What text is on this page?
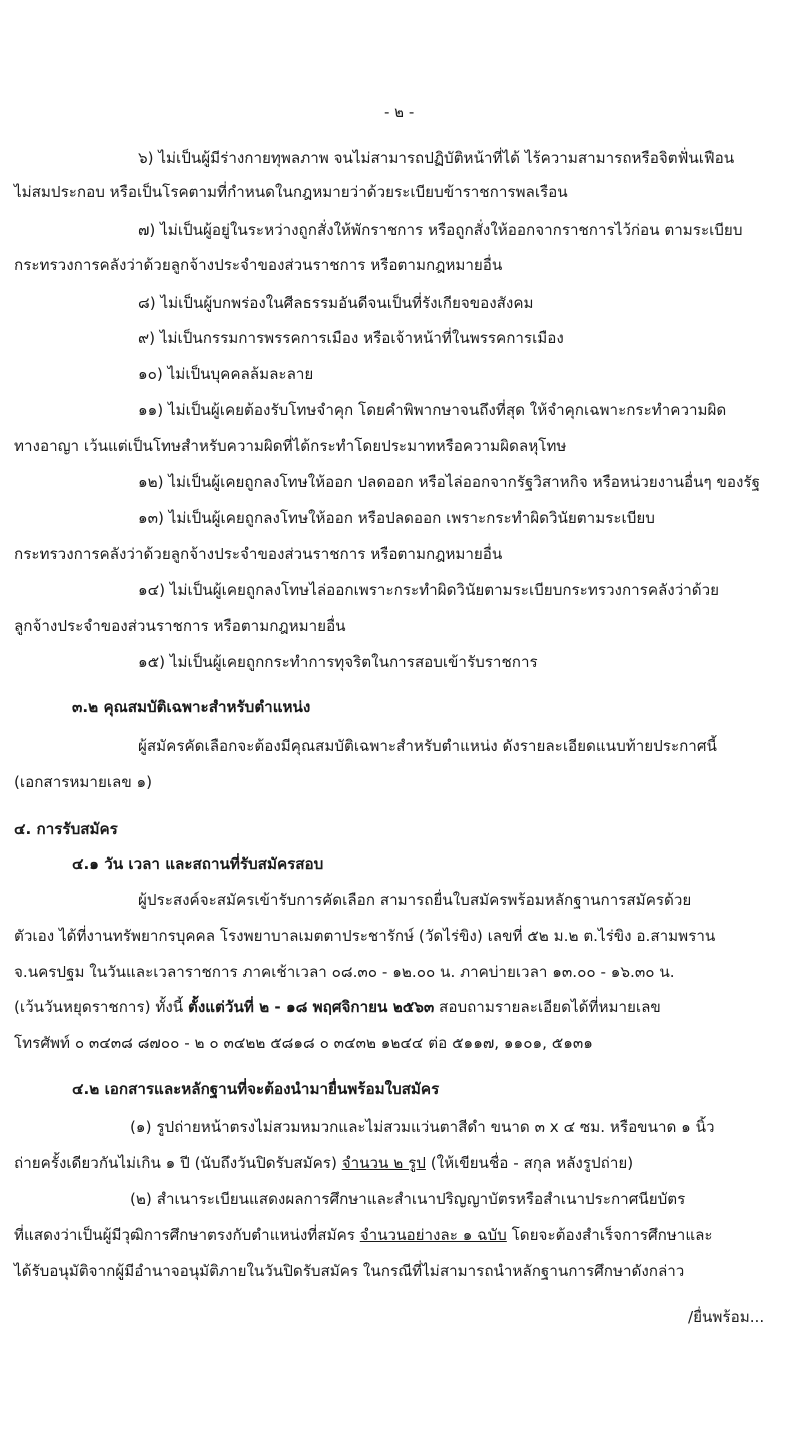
- ๒ -
๖) ไม่เป็นผู้มีร่างกายทุพลภาพ จนไม่สามารถปฏิบัติหน้าที่ได้ ไร้ความสามารถหรือจิตฟั่นเฟือน
ไม่สมประกอบ หรือเป็นโรคตามที่กำหนดในกฎหมายว่าด้วยระเบียบข้าราชการพลเรือน
๗) ไม่เป็นผู้อยู่ในระหว่างถูกสั่งให้พักราชการ หรือถูกสั่งให้ออกจากราชการไว้ก่อน ตามระเบียบ
กระทรวงการคลังว่าด้วยลูกจ้างประจำของส่วนราชการ หรือตามกฎหมายอื่น
๘) ไม่เป็นผู้บกพร่องในศีลธรรมอันดีจนเป็นที่รังเกียจของสังคม
๙) ไม่เป็นกรรมการพรรคการเมือง หรือเจ้าหน้าที่ในพรรคการเมือง
๑๐) ไม่เป็นบุคคลล้มละลาย
๑๑) ไม่เป็นผู้เคยต้องรับโทษจำคุก โดยคำพิพากษาจนถึงที่สุด ให้จำคุกเฉพาะกระทำความผิด
ทางอาญา เว้นแต่เป็นโทษสำหรับความผิดที่ได้กระทำโดยประมาทหรือความผิดลหุโทษ
๑๒) ไม่เป็นผู้เคยถูกลงโทษให้ออก ปลดออก หรือไล่ออกจากรัฐวิสาหกิจ หรือหน่วยงานอื่นๆ ของรัฐ
๑๓) ไม่เป็นผู้เคยถูกลงโทษให้ออก หรือปลดออก เพราะกระทำผิดวินัยตามระเบียบ
กระทรวงการคลังว่าด้วยลูกจ้างประจำของส่วนราชการ หรือตามกฎหมายอื่น
๑๔) ไม่เป็นผู้เคยถูกลงโทษไล่ออกเพราะกระทำผิดวินัยตามระเบียบกระทรวงการคลังว่าด้วย
ลูกจ้างประจำของส่วนราชการ หรือตามกฎหมายอื่น
๑๕) ไม่เป็นผู้เคยถูกกระทำการทุจริตในการสอบเข้ารับราชการ
๓.๒ คุณสมบัติเฉพาะสำหรับตำแหน่ง
ผู้สมัครคัดเลือกจะต้องมีคุณสมบัติเฉพาะสำหรับตำแหน่ง ดังรายละเอียดแนบท้ายประกาศนี้
(เอกสารหมายเลข ๑)
๔. การรับสมัคร
๔.๑ วัน เวลา และสถานที่รับสมัครสอบ
ผู้ประสงค์จะสมัครเข้ารับการคัดเลือก สามารถยื่นใบสมัครพร้อมหลักฐานการสมัครด้วย
ตัวเอง ได้ที่งานทรัพยากรบุคคล โรงพยาบาลเมตตาประชารักษ์ (วัดไร่ขิง) เลขที่ ๕๒ ม.๒ ต.ไร่ขิง อ.สามพราน
จ.นครปฐม ในวันและเวลาราชการ ภาคเช้าเวลา ๐๘.๓๐ - ๑๒.๐๐ น. ภาคบ่ายเวลา ๑๓.๐๐ - ๑๖.๓๐ น.
(เว้นวันหยุดราชการ) ทั้งนี้ ตั้งแต่วันที่ ๒ - ๑๘ พฤศจิกายน ๒๕๖๓ สอบถามรายละเอียดได้ที่หมายเลข
โทรศัพท์ ๐ ๓๔๓๘ ๘๗๐๐ - ๒ ๐ ๓๔๒๒ ๕๘๑๘ ๐ ๓๔๓๒ ๑๒๔๔ ต่อ ๕๑๑๗, ๑๑๐๑, ๕๑๓๑
๔.๒ เอกสารและหลักฐานที่จะต้องนำมายื่นพร้อมใบสมัคร
(๑) รูปถ่ายหน้าตรงไม่สวมหมวกและไม่สวมแว่นตาสีดำ ขนาด ๓ x ๔ ซม. หรือขนาด ๑ นิ้ว
ถ่ายครั้งเดียวกันไม่เกิน ๑ ปี (นับถึงวันปิดรับสมัคร) จำนวน ๒ รูป (ให้เขียนชื่อ - สกุล หลังรูปถ่าย)
(๒) สำเนาระเบียนแสดงผลการศึกษาและสำเนาปริญญาบัตรหรือสำเนาประกาศนียบัตร
ที่แสดงว่าเป็นผู้มีวุฒิการศึกษาตรงกับตำแหน่งที่สมัคร จำนวนอย่างละ ๑ ฉบับ โดยจะต้องสำเร็จการศึกษาและ
ได้รับอนุมัติจากผู้มีอำนาจอนุมัติภายในวันปิดรับสมัคร ในกรณีที่ไม่สามารถนำหลักฐานการศึกษาดังกล่าว
/ยื่นพร้อม...
